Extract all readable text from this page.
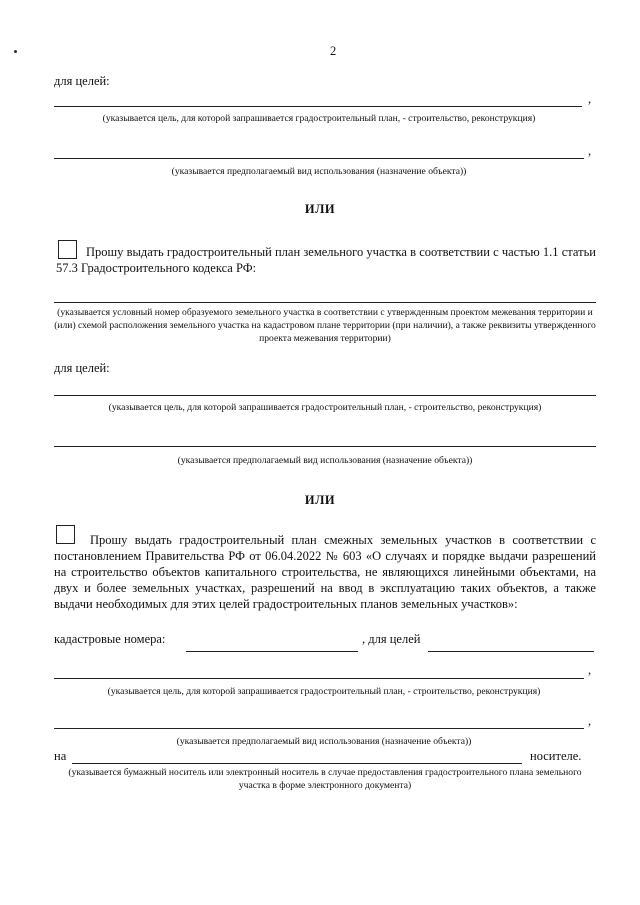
2
для целей:
,
(указывается цель, для которой запрашивается градостроительный план, - строительство, реконструкция)
,
(указывается предполагаемый вид использования (назначение объекта))
ИЛИ
Прошу выдать градостроительный план земельного участка в соответствии с частью 1.1 статьи 57.3 Градостроительного кодекса РФ:
(указывается условный номер образуемого земельного участка в соответствии с утвержденным проектом межевания территории и (или) схемой расположения земельного участка на кадастровом плане территории (при наличии), а также реквизиты утвержденного проекта межевания территории)
для целей:
(указывается цель, для которой запрашивается градостроительный план, - строительство, реконструкция)
(указывается предполагаемый вид использования (назначение объекта))
ИЛИ
Прошу выдать градостроительный план смежных земельных участков в соответствии с постановлением Правительства РФ от 06.04.2022 № 603 «О случаях и порядке выдачи разрешений на строительство объектов капитального строительства, не являющихся линейными объектами, на двух и более земельных участках, разрешений на ввод в эксплуатацию таких объектов, а также выдачи необходимых для этих целей градостроительных планов земельных участков»:
кадастровые номера:	, для целей
,
(указывается цель, для которой запрашивается градостроительный план, - строительство, реконструкция)
,
(указывается предполагаемый вид использования (назначение объекта))
на	носителе.
(указывается бумажный носитель или электронный носитель в случае предоставления градостроительного плана земельного участка в форме электронного документа)
